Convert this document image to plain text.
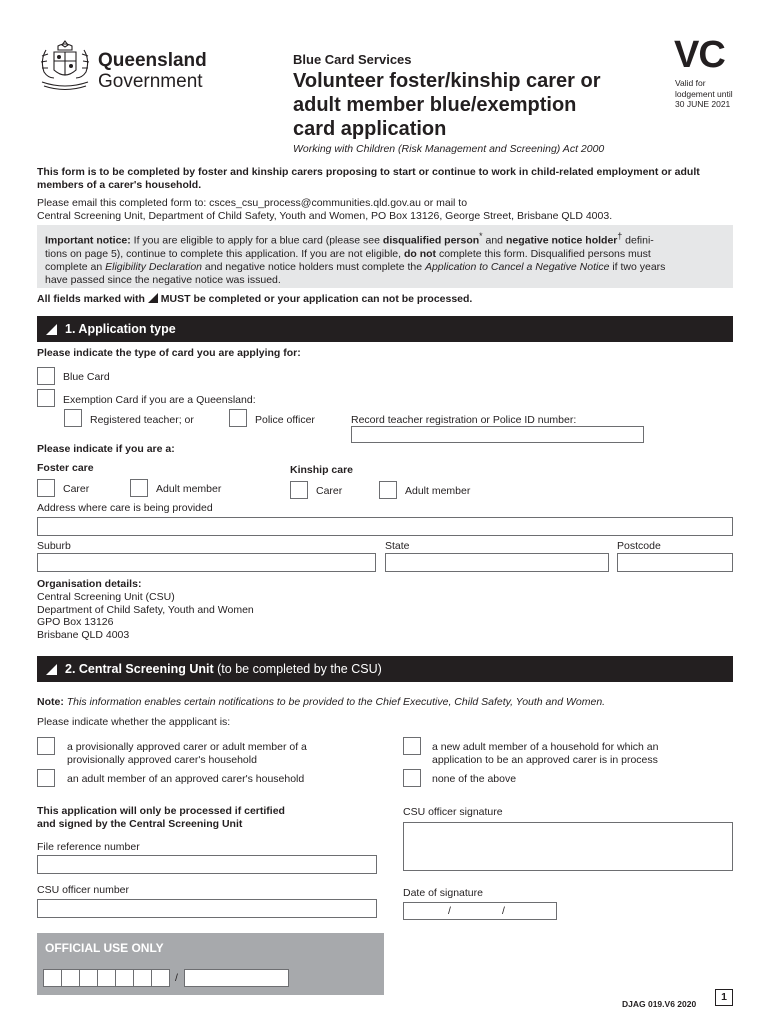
Queensland
Government
Blue Card Services
Volunteer foster/kinship carer or
adult member blue/exemption
card application
Working with Children (Risk Management and Screening) Act 2000
VC
Valid for
lodgement until
30 JUNE 2021
This form is to be completed by foster and kinship carers proposing to start or continue to work in child-related employment or adult
members of a carer's household.
Please email this completed form to: csces_csu_process@communities.qld.gov.au or mail to
Central Screening Unit, Department of Child Safety, Youth and Women, PO Box 13126, George Street, Brisbane QLD 4003.
Important notice: If you are eligible to apply for a blue card (please see disqualified person* and negative notice holder† defini-
tions on page 5), continue to complete this application. If you are not eligible, do not complete this form. Disqualified persons must
complete an Eligibility Declaration and negative notice holders must complete the Application to Cancel a Negative Notice if two years
have passed since the negative notice was issued.
All fields marked with  MUST be completed or your application can not be processed.
1. Application type
Please indicate the type of card you are applying for:
Blue Card
Exemption Card if you are a Queensland:
Registered teacher; or	Police officer	Record teacher registration or Police ID number:
Please indicate if you are a:
Foster care	Kinship care
Carer	Adult member	Carer	Adult member
Address where care is being provided
Suburb	State	Postcode
Organisation details:
Central Screening Unit (CSU)
Department of Child Safety, Youth and Women
GPO Box 13126
Brisbane QLD 4003
2. Central Screening Unit (to be completed by the CSU)
Note: This information enables certain notifications to be provided to the Chief Executive, Child Safety, Youth and Women.
Please indicate whether the appplicant is:
a provisionally approved carer or adult member of a
provisionally approved carer's household
a new adult member of a household for which an
application to be an approved carer is in process
an adult member of an approved carer's household	none of the above
This application will only be processed if certified
and signed by the Central Screening Unit
CSU officer signature
File reference number
CSU officer number	Date of signature
/	/
OFFICIAL USE ONLY
/
DJAG 019.V6 2020
1
